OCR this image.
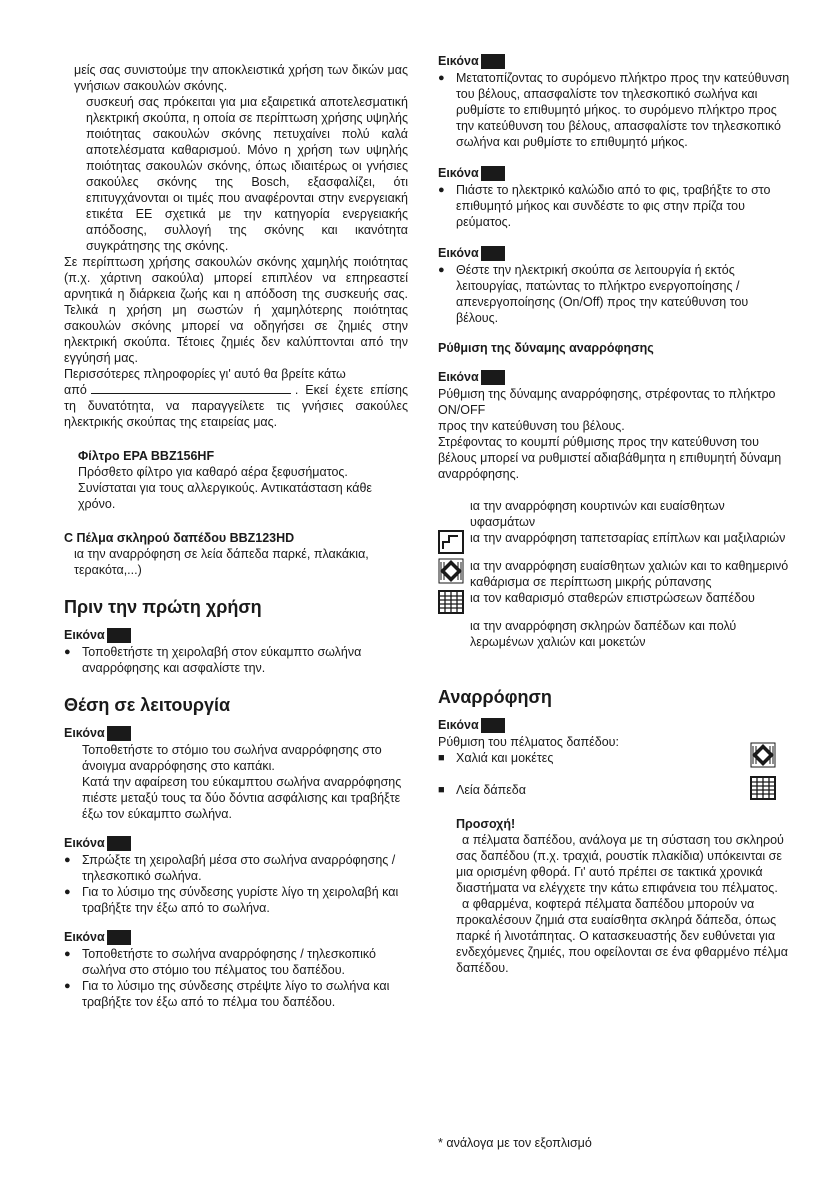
μείς σας συνιστούμε την αποκλειστικά χρήση των δικών μας γνήσιων σακουλών σκόνης.

συσκευή σας πρόκειται για μια εξαιρετικά αποτελεσματική ηλεκτρική σκούπα, η οποία σε περίπτωση χρήσης υψηλής ποιότητας σακουλών σκόνης πετυχαίνει πολύ καλά αποτελέσματα καθαρισμού. Μόνο η χρήση των υψηλής ποιότητας σακουλών σκόνης, όπως ιδιαιτέρως οι γνήσιες σακούλες σκόνης της Bosch, εξασφαλίζει, ότι επιτυγχάνονται οι τιμές που αναφέρονται στην ενεργειακή ετικέτα ΕΕ σχετικά με την κατηγορία ενεργειακής απόδοσης, συλλογή της σκόνης και ικανότητα συγκράτησης της σκόνης.

Σε περίπτωση χρήσης σακουλών σκόνης χαμηλής ποιότητας (π.χ. χάρτινη σακούλα) μπορεί επιπλέον να επηρεαστεί αρνητικά η διάρκεια ζωής και η απόδοση της συσκευής σας. Τελικά η χρήση μη σωστών ή χαμηλότερης ποιότητας σακουλών σκόνης μπορεί να οδηγήσει σε ζημιές στην ηλεκτρική σκούπα. Τέτοιες ζημιές δεν καλύπτονται από την εγγύησή μας.

Περισσότερες πληροφορίες γι' αυτό θα βρείτε κάτω

από	. Εκεί έχετε επίσης τη δυνατότητα, να παραγγείλετε τις γνήσιες σακούλες ηλεκτρικής σκούπας της εταιρείας μας.

Φίλτρο EPA BBZ156HF

Πρόσθετο φίλτρο για καθαρό αέρα ξεφυσήματος. Συνίσταται για τους αλλεργικούς. Αντικατάσταση κάθε χρόνο.

C Πέλμα σκληρού δαπέδου BBZ123HD

ια την αναρρόφηση σε λεία δάπεδα παρκέ, πλακάκια, τερακότα,...)

Πριν την πρώτη χρήση

Εικόνα
● Τοποθετήστε τη χειρολαβή στον εύκαμπτο σωλήνα αναρρόφησης και ασφαλίστε την.

Θέση σε λειτουργία

Εικόνα

Τοποθετήστε το στόμιο του σωλήνα αναρρόφησης στο άνοιγμα αναρρόφησης στο καπάκι.

Κατά την αφαίρεση του εύκαμπτου σωλήνα αναρρόφησης πιέστε μεταξύ τους τα δύο δόντια ασφάλισης και τραβήξτε έξω τον εύκαμπτο σωλήνα.

Εικόνα
● Σπρώξτε τη χειρολαβή μέσα στο σωλήνα αναρρόφησης / τηλεσκοπικό σωλήνα.
● Για το λύσιμο της σύνδεσης γυρίστε λίγο τη χειρολαβή και τραβήξτε την έξω από το σωλήνα.
Εικόνα
● Τοποθετήστε το σωλήνα αναρρόφησης / τηλεσκοπικό σωλήνα στο στόμιο του πέλματος του δαπέδου.
● Για το λύσιμο της σύνδεσης στρέψτε λίγο το σωλήνα και τραβήξτε τον έξω από το πέλμα του δαπέδου.
Εικόνα
● Μετατοπίζοντας το συρόμενο πλήκτρο προς την κατεύθυνση του βέλους, απασφαλίστε τον τηλεσκοπικό σωλήνα και ρυθμίστε το επιθυμητό μήκος. το συρόμενο πλήκτρο προς την κατεύθυνση του βέλους, απασφαλίστε τον τηλεσκοπικό σωλήνα και ρυθμίστε το επιθυμητό μήκος.
Εικόνα
● Πιάστε το ηλεκτρικό καλώδιο από το φις, τραβήξτε το στο επιθυμητό μήκος και συνδέστε το φις στην πρίζα του ρεύματος.
Εικόνα
● Θέστε την ηλεκτρική σκούπα σε λειτουργία ή εκτός λειτουργίας, πατώντας το πλήκτρο ενεργοποίησης / απενεργοποίησης (On/Off) προς την κατεύθυνση του βέλους.

Ρύθμιση της δύναμης αναρρόφησης

Εικόνα

Ρύθμιση της δύναμης αναρρόφησης, στρέφοντας το πλήκτρο ON/OFF

προς την κατεύθυνση του βέλους.

Στρέφοντας το κουμπί ρύθμισης προς την κατεύθυνση του βέλους μπορεί να ρυθμιστεί αδιαβάθμητα η επιθυμητή δύναμη αναρρόφησης.

ια την αναρρόφηση κουρτινών και ευαίσθητων υφασμάτων

ια την αναρρόφηση ταπετσαρίας επίπλων και μαξιλαριών

ια την αναρρόφηση ευαίσθητων χαλιών και το καθημερινό καθάρισμα σε περίπτωση μικρής ρύπανσης

ια τον καθαρισμό σταθερών επιστρώσεων δαπέδου

ια την αναρρόφηση σκληρών δαπέδων και πολύ λερωμένων χαλιών και μοκετών

Αναρρόφηση

Εικόνα

Ρύθμιση του πέλματος δαπέδου:

■ Χαλιά και μοκέτες
■ Λεία δάπεδα

Προσοχή!

α πέλματα δαπέδου, ανάλογα με τη σύσταση του σκληρού σας δαπέδου (π.χ. τραχιά, ρουστίκ πλακίδια) υπόκεινται σε μια ορισμένη φθορά. Γι' αυτό πρέπει σε τακτικά χρονικά διαστήματα να ελέγχετε την κάτω επιφάνεια του πέλματος.

α φθαρμένα, κοφτερά πέλματα δαπέδου μπορούν να προκαλέσουν ζημιά στα ευαίσθητα σκληρά δάπεδα, όπως παρκέ ή λινοτάπητας. Ο κατασκευαστής δεν ευθύνεται για ενδεχόμενες ζημιές, που οφείλονται σε ένα φθαρμένο πέλμα δαπέδου.

* ανάλογα με τον εξοπλισμό
